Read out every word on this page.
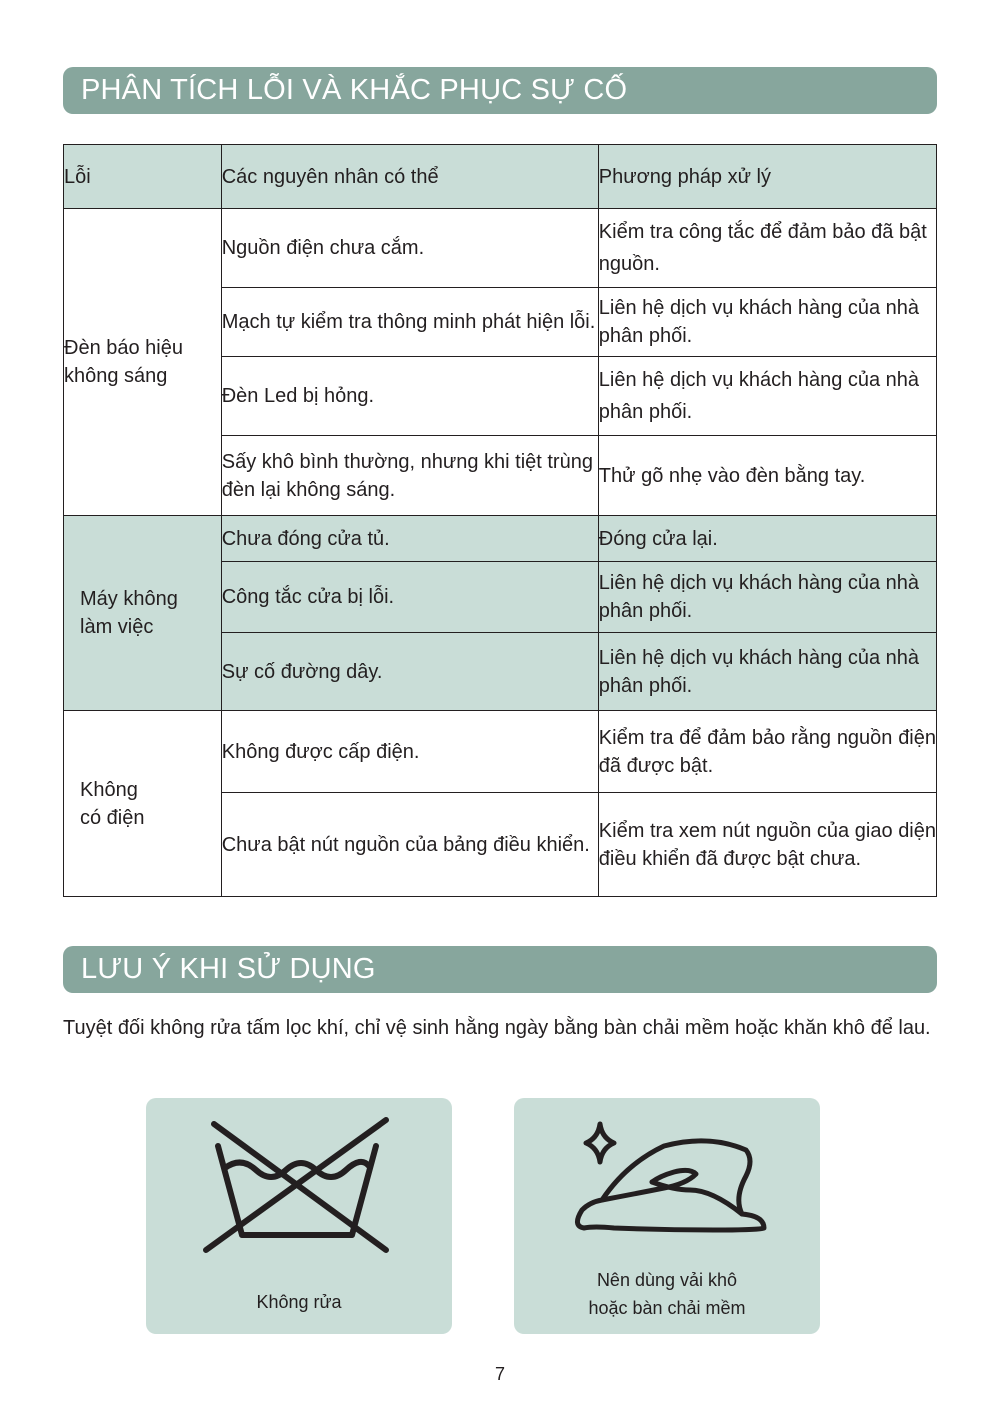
PHÂN TÍCH LỖI VÀ KHẮC PHỤC SỰ CỐ
Lỗi	Các nguyên nhân có thể	Phương pháp xử lý

Đèn báo hiệu
không sáng	Nguồn điện chưa cắm.	Kiểm tra công tắc để đảm bảo đã bật nguồn.
	Mạch tự kiểm tra thông minh phát hiện lỗi.	Liên hệ dịch vụ khách hàng của nhà phân phối.
	Đèn Led bị hỏng.	Liên hệ dịch vụ khách hàng của nhà phân phối.
	Sấy khô bình thường, nhưng khi tiệt trùng đèn lại không sáng.	Thử gõ nhẹ vào đèn bằng tay.

Máy không
làm việc	Chưa đóng cửa tủ.	Đóng cửa lại.
	Công tắc cửa bị lỗi.	Liên hệ dịch vụ khách hàng của nhà phân phối.
	Sự cố đường dây.	Liên hệ dịch vụ khách hàng của nhà phân phối.

Không
có điện	Không được cấp điện.	Kiểm tra để đảm bảo rằng nguồn điện đã được bật.
	Chưa bật nút nguồn của bảng điều khiển.	Kiểm tra xem nút nguồn của giao diện điều khiển đã được bật chưa.
LƯU Ý KHI SỬ DỤNG

Tuyệt đối không rửa tấm lọc khí, chỉ vệ sinh hằng ngày bằng bàn chải mềm hoặc khăn khô để lau.

Không rửa
Nên dùng vải khô
hoặc bàn chải mềm
7
